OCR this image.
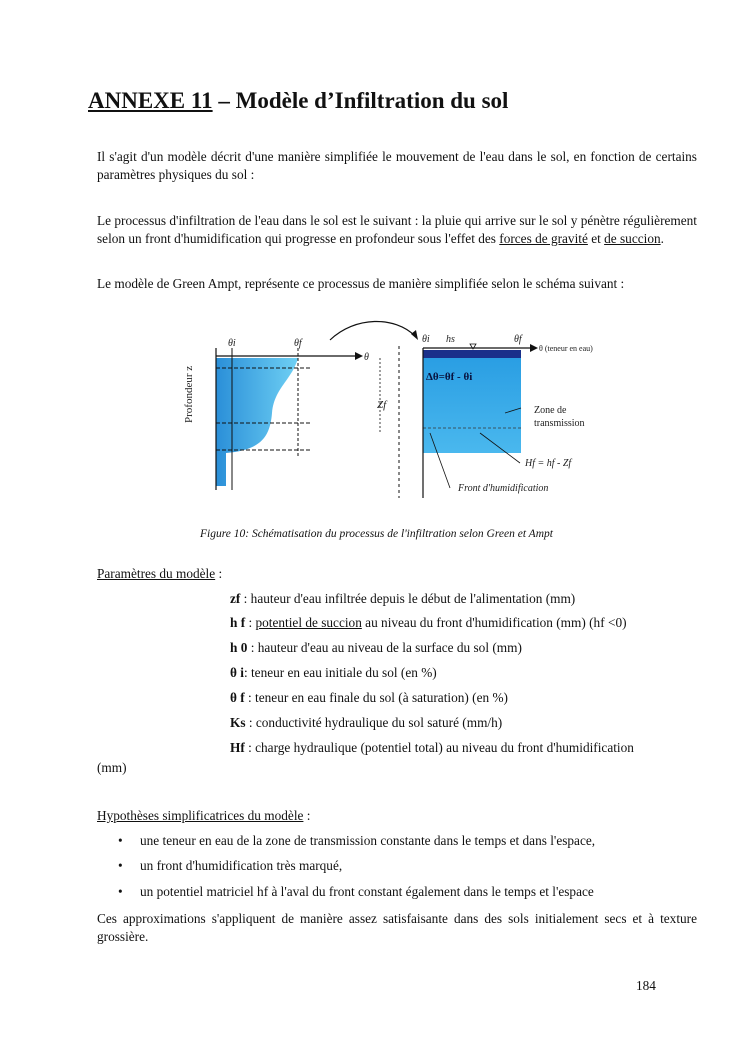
ANNEXE 11 – Modèle d’Infiltration du sol
Il s'agit d'un modèle décrit d'une manière simplifiée le mouvement de l'eau dans le sol, en fonction de certains paramètres physiques du sol :
Le processus d'infiltration de l'eau dans le sol est le suivant : la pluie qui arrive sur le sol y pénètre régulièrement selon un front d'humidification qui progresse en profondeur sous l'effet des forces de gravité et de succion.
Le modèle de Green Ampt, représente ce processus de manière simplifiée selon le schéma suivant :
Profondeur z
θi	θf
θ
Zf
θi hs	θf
θ (teneur en eau)
Δθ=θf - θi
Zone de
transmission
Hf = hf - Zf
Front d'humidification
Figure 10: Schématisation du processus de l'infiltration selon Green et Ampt
Paramètres du modèle :
zf : hauteur d'eau infiltrée depuis le début de l'alimentation (mm)
h f : potentiel de succion au niveau du front d'humidification (mm) (hf <0)
h 0 : hauteur d'eau au niveau de la surface du sol (mm)
θ i: teneur en eau initiale du sol (en %)
θ f : teneur en eau finale du sol (à saturation) (en %)
Ks : conductivité hydraulique du sol saturé (mm/h)
Hf : charge hydraulique (potentiel total) au niveau du front d'humidification
(mm)
Hypothèses simplificatrices du modèle :
• une teneur en eau de la zone de transmission constante dans le temps et dans l'espace,
• un front d'humidification très marqué,
• un potentiel matriciel hf à l'aval du front constant également dans le temps et l'espace
Ces approximations s'appliquent de manière assez satisfaisante dans des sols initialement secs et à texture grossière.
184
